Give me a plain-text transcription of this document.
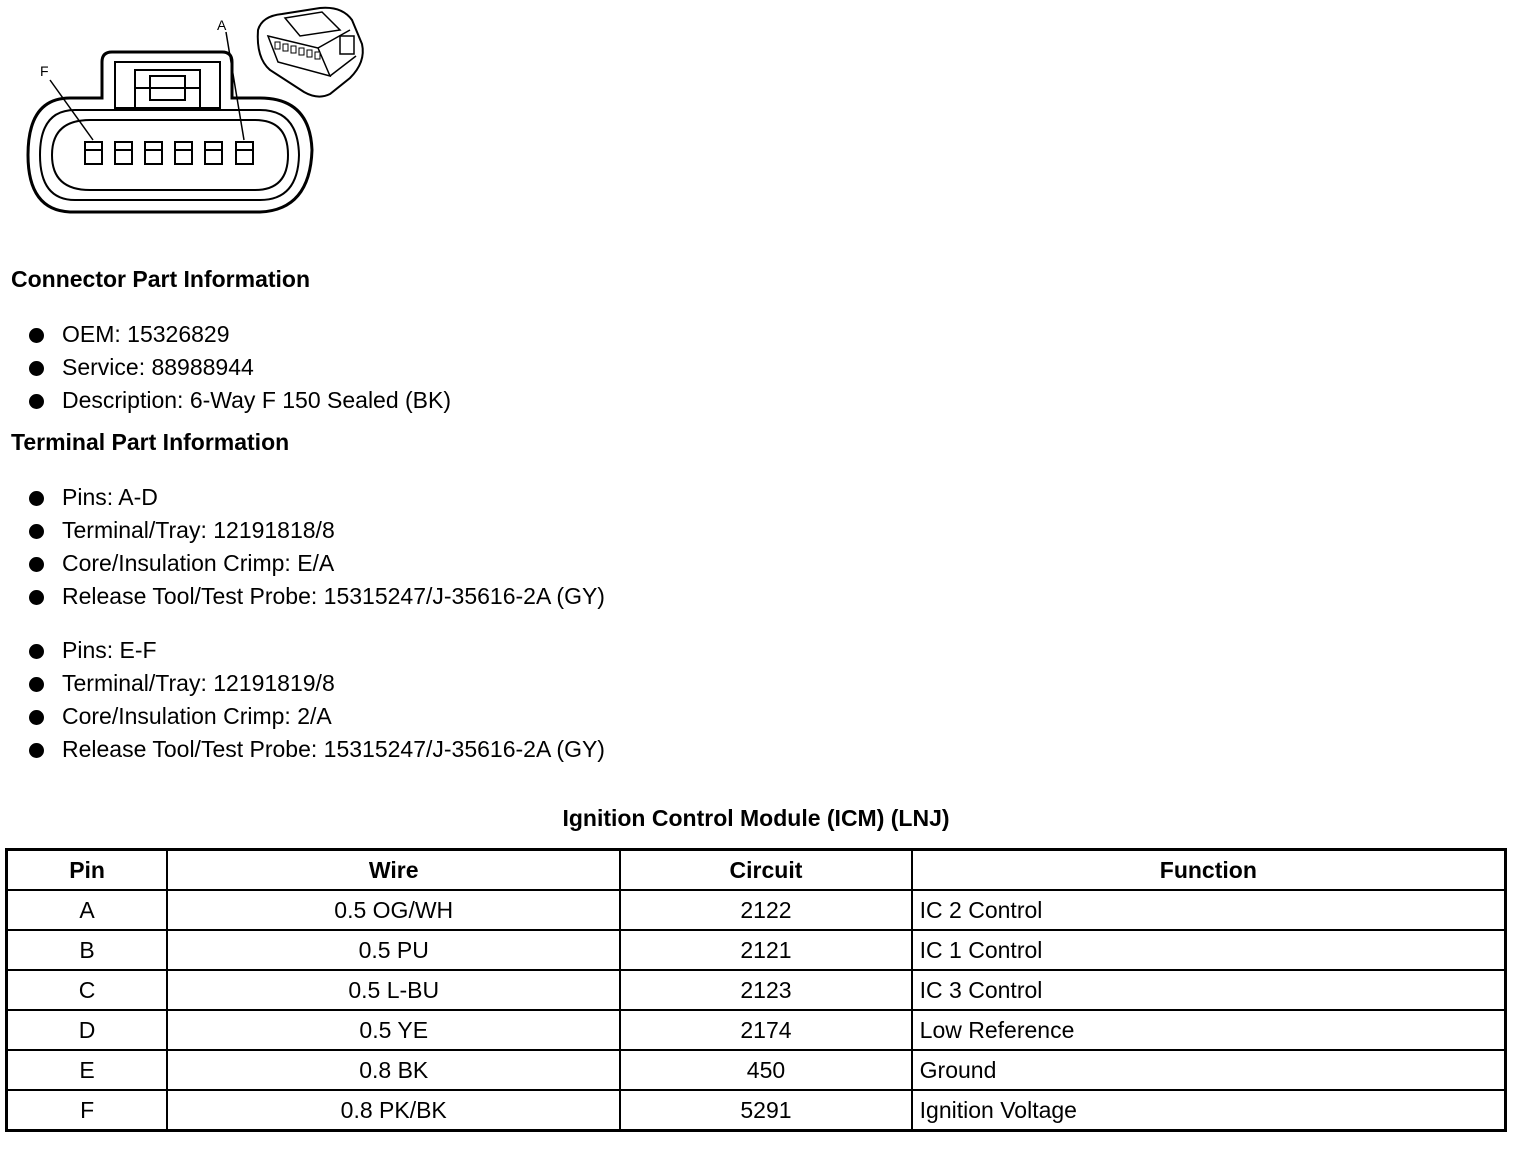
A
F
Connector Part Information
OEM: 15326829
Service: 88988944
Description: 6-Way F 150 Sealed (BK)
Terminal Part Information
Pins: A-D
Terminal/Tray: 12191818/8
Core/Insulation Crimp: E/A
Release Tool/Test Probe: 15315247/J-35616-2A (GY)
Pins: E-F
Terminal/Tray: 12191819/8
Core/Insulation Crimp: 2/A
Release Tool/Test Probe: 15315247/J-35616-2A (GY)
Ignition Control Module (ICM) (LNJ)
Pin	Wire	Circuit	Function
A	0.5 OG/WH	2122	IC 2 Control
B	0.5 PU	2121	IC 1 Control
C	0.5 L-BU	2123	IC 3 Control
D	0.5 YE	2174	Low Reference
E	0.8 BK	450	Ground
F	0.8 PK/BK	5291	Ignition Voltage
